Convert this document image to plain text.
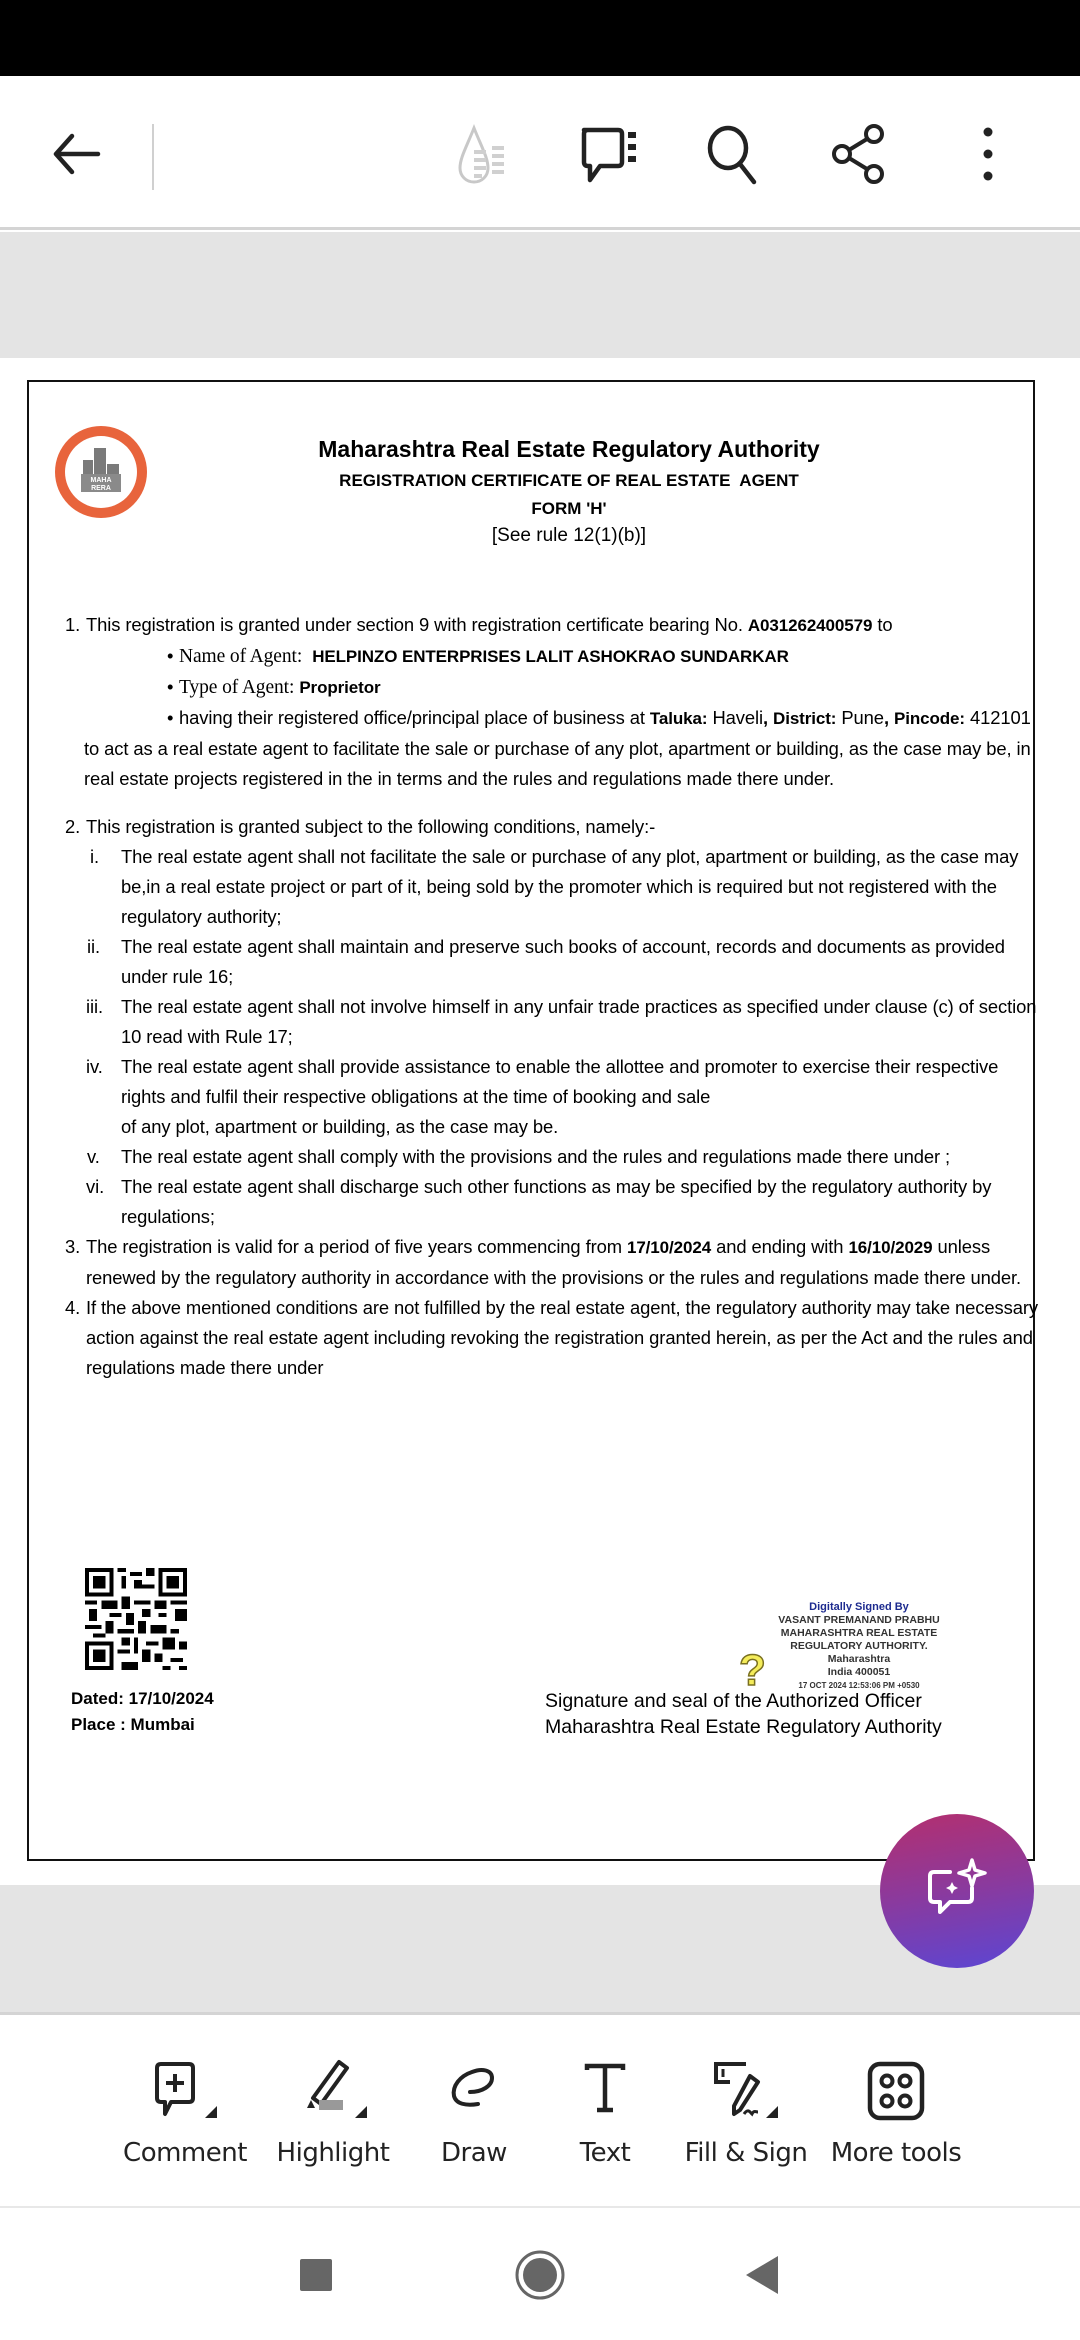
MAHA
RERA
Maharashtra Real Estate Regulatory Authority
REGISTRATION CERTIFICATE OF REAL ESTATE  AGENT
FORM 'H'
[See rule 12(1)(b)]
1. This registration is granted under section 9 with registration certificate bearing No. A031262400579 to
• Name of Agent: HELPINZO ENTERPRISES LALIT ASHOKRAO SUNDARKAR
• Type of Agent: Proprietor
• having their registered office/principal place of business at Taluka: Haveli, District: Pune, Pincode: 412101
to act as a real estate agent to facilitate the sale or purchase of any plot, apartment or building, as the case may be, in real estate projects registered in the in terms and the rules and regulations made there under.
2. This registration is granted subject to the following conditions, namely:-
i. The real estate agent shall not facilitate the sale or purchase of any plot, apartment or building, as the case may be,in a real estate project or part of it, being sold by the promoter which is required but not registered with the regulatory authority;
ii. The real estate agent shall maintain and preserve such books of account, records and documents as provided under rule 16;
iii. The real estate agent shall not involve himself in any unfair trade practices as specified under clause (c) of section 10 read with Rule 17;
iv. The real estate agent shall provide assistance to enable the allottee and promoter to exercise their respective rights and fulfil their respective obligations at the time of booking and sale
of any plot, apartment or building, as the case may be.
v. The real estate agent shall comply with the provisions and the rules and regulations made there under ;
vi. The real estate agent shall discharge such other functions as may be specified by the regulatory authority by regulations;
3. The registration is valid for a period of five years commencing from 17/10/2024 and ending with 16/10/2029 unless renewed by the regulatory authority in accordance with the provisions or the rules and regulations made there under.
4. If the above mentioned conditions are not fulfilled by the real estate agent, the regulatory authority may take necessary action against the real estate agent including revoking the registration granted herein, as per the Act and the rules and regulations made there under
Dated: 17/10/2024
Place : Mumbai
Digitally Signed By
VASANT PREMANAND PRABHU
MAHARASHTRA REAL ESTATE
REGULATORY AUTHORITY.
Maharashtra
India 400051
17 OCT 2024 12:53:06 PM +0530
?
Signature and seal of the Authorized Officer
Maharashtra Real Estate Regulatory Authority
Comment Highlight Draw	Text Fill & Sign More tools
